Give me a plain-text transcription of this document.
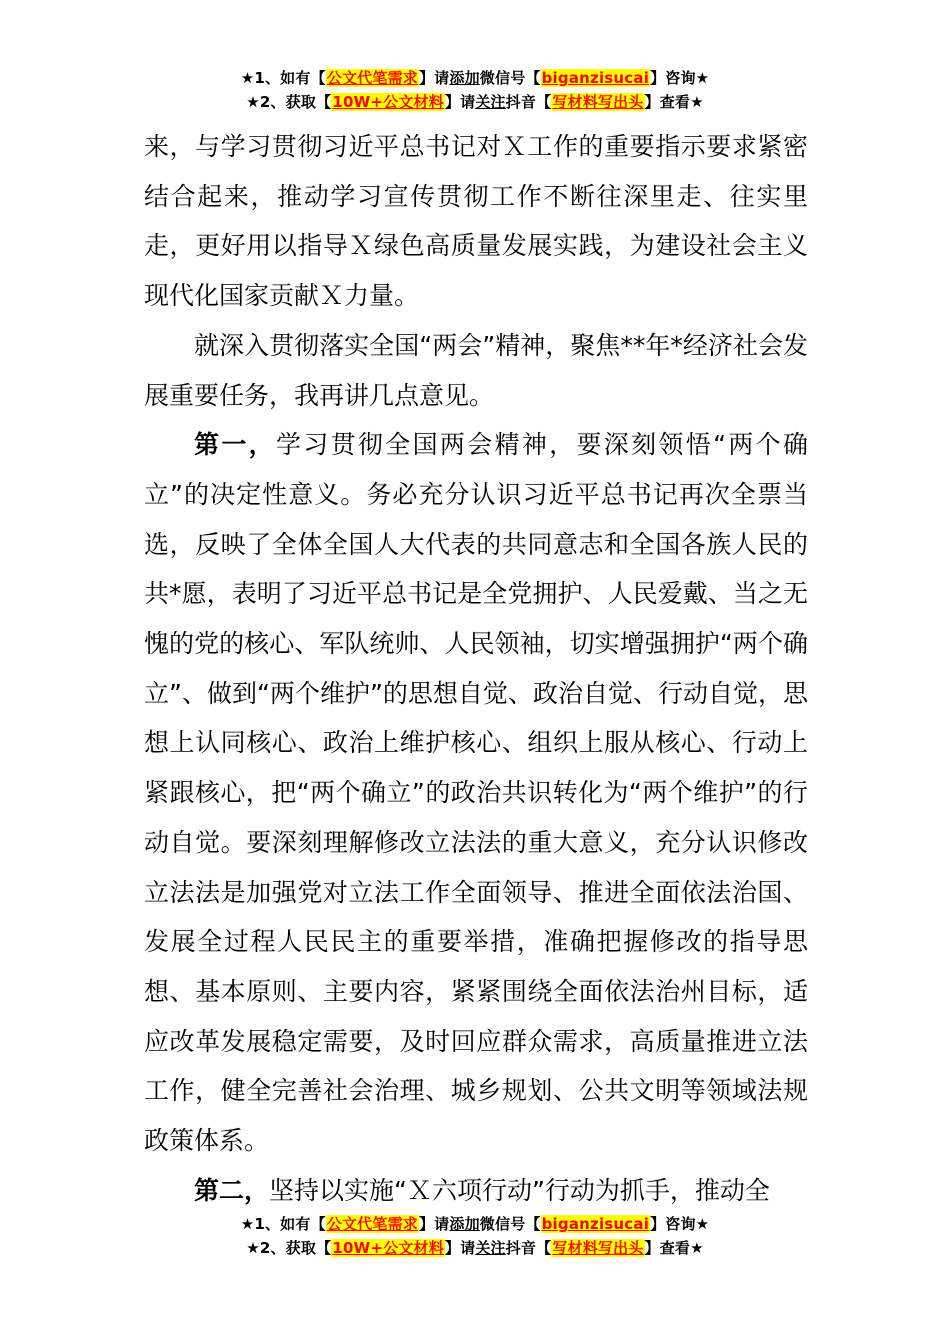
★1、如有【公文代笔需求】请添加微信号【biganzisucai】咨询★
★2、获取【10W+公文材料】请关注抖音【写材料写出头】查看★

来，与学习贯彻习近平总书记对Ｘ工作的重要指示要求紧密结合起来，推动学习宣传贯彻工作不断往深里走、往实里走，更好用以指导Ｘ绿色高质量发展实践，为建设社会主义现代化国家贡献Ｘ力量。

就深入贯彻落实全国“两会”精神，聚焦**年*经济社会发展重要任务，我再讲几点意见。

第一，学习贯彻全国两会精神，要深刻领悟“两个确立”的决定性意义。务必充分认识习近平总书记再次全票当选，反映了全体全国人大代表的共同意志和全国各族人民的共*愿，表明了习近平总书记是全党拥护、人民爱戴、当之无愧的党的核心、军队统帅、人民领袖，切实增强拥护“两个确立”、做到“两个维护”的思想自觉、政治自觉、行动自觉，思想上认同核心、政治上维护核心、组织上服从核心、行动上紧跟核心，把“两个确立”的政治共识转化为“两个维护”的行动自觉。要深刻理解修改立法法的重大意义，充分认识修改立法法是加强党对立法工作全面领导、推进全面依法治国、发展全过程人民民主的重要举措，准确把握修改的指导思想、基本原则、主要内容，紧紧围绕全面依法治州目标，适应改革发展稳定需要，及时回应群众需求，高质量推进立法工作，健全完善社会治理、城乡规划、公共文明等领域法规政策体系。

第二，坚持以实施“Ｘ六项行动”行动为抓手，推动全

★1、如有【公文代笔需求】请添加微信号【biganzisucai】咨询★
★2、获取【10W+公文材料】请关注抖音【写材料写出头】查看★
